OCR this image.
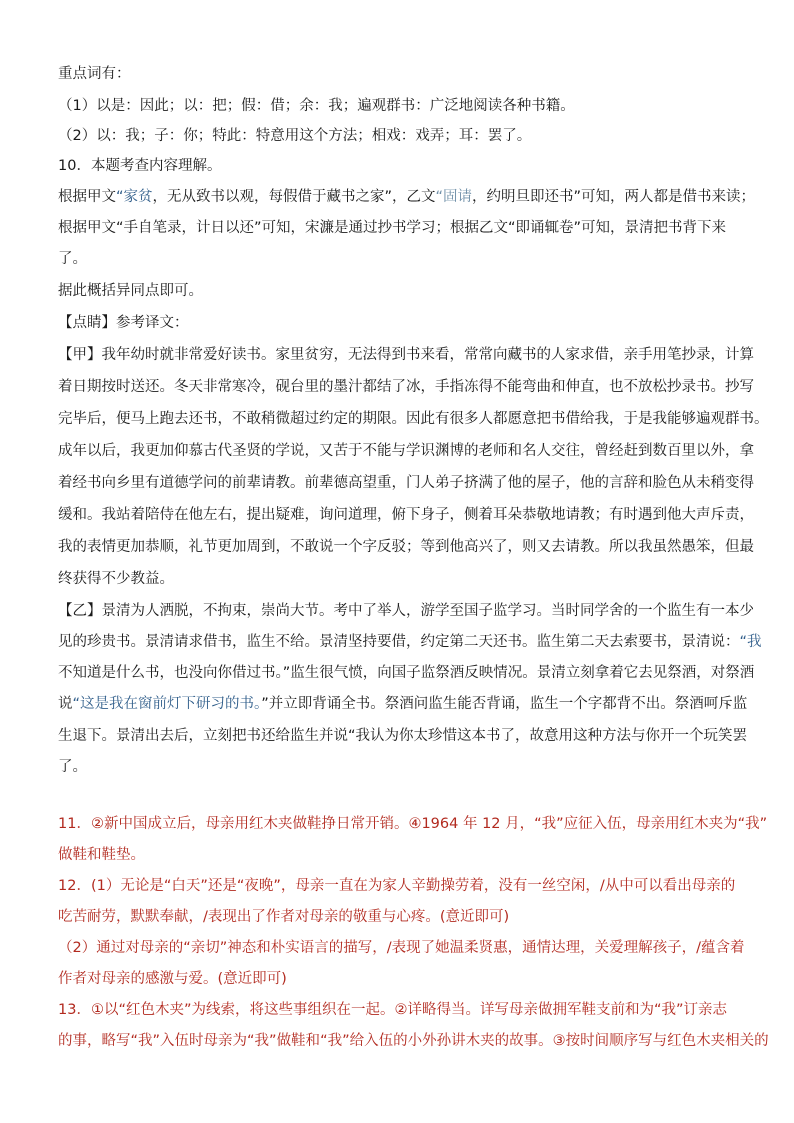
重点词有：
（1）以是：因此；以：把；假：借；余：我；遍观群书：广泛地阅读各种书籍。
（2）以：我；子：你；特此：特意用这个方法；相戏：戏弄；耳：罢了。
10．本题考查内容理解。
根据甲文“家贫，无从致书以观，每假借于藏书之家”，乙文“固请，约明旦即还书”可知，两人都是借书来读；
根据甲文“手自笔录，计日以还”可知，宋濂是通过抄书学习；根据乙文“即诵辄卷”可知，景清把书背下来
了。
据此概括异同点即可。
【点睛】参考译文：
【甲】我年幼时就非常爱好读书。家里贫穷，无法得到书来看，常常向藏书的人家求借，亲手用笔抄录，计算
着日期按时送还。冬天非常寒冷，砚台里的墨汁都结了冰，手指冻得不能弯曲和伸直，也不放松抄录书。抄写
完毕后，便马上跑去还书，不敢稍微超过约定的期限。因此有很多人都愿意把书借给我，于是我能够遍观群书。
成年以后，我更加仰慕古代圣贤的学说，又苦于不能与学识渊博的老师和名人交往，曾经赶到数百里以外，拿
着经书向乡里有道德学问的前辈请教。前辈德高望重，门人弟子挤满了他的屋子，他的言辞和脸色从未稍变得
缓和。我站着陪侍在他左右，提出疑难，询问道理，俯下身子，侧着耳朵恭敬地请教；有时遇到他大声斥责，
我的表情更加恭顺，礼节更加周到，不敢说一个字反驳；等到他高兴了，则又去请教。所以我虽然愚笨，但最
终获得不少教益。
【乙】景清为人洒脱，不拘束，崇尚大节。考中了举人，游学至国子监学习。当时同学舍的一个监生有一本少
见的珍贵书。景清请求借书，监生不给。景清坚持要借，约定第二天还书。监生第二天去索要书，景清说：“我
不知道是什么书，也没向你借过书。”监生很气愤，向国子监祭酒反映情况。景清立刻拿着它去见祭酒，对祭酒
说“这是我在窗前灯下研习的书。”并立即背诵全书。祭酒问监生能否背诵，监生一个字都背不出。祭酒呵斥监
生退下。景清出去后，立刻把书还给监生并说“我认为你太珍惜这本书了，故意用这种方法与你开一个玩笑罢
了。
11．②新中国成立后，母亲用红木夹做鞋挣日常开销。④1964 年 12 月，“我”应征入伍，母亲用红木夹为“我”
做鞋和鞋垫。
12．(1）无论是“白天”还是“夜晚”，母亲一直在为家人辛勤操劳着，没有一丝空闲，/从中可以看出母亲的
吃苦耐劳，默默奉献，/表现出了作者对母亲的敬重与心疼。(意近即可)
（2）通过对母亲的“亲切”神态和朴实语言的描写，/表现了她温柔贤惠，通情达理，关爱理解孩子，/蕴含着
作者对母亲的感激与爱。(意近即可)
13．①以“红色木夹”为线索，将这些事组织在一起。②详略得当。详写母亲做拥军鞋支前和为“我”订亲志
的事，略写“我”入伍时母亲为“我”做鞋和“我”给入伍的小外孙讲木夹的故事。③按时间顺序写与红色木夹相关的
